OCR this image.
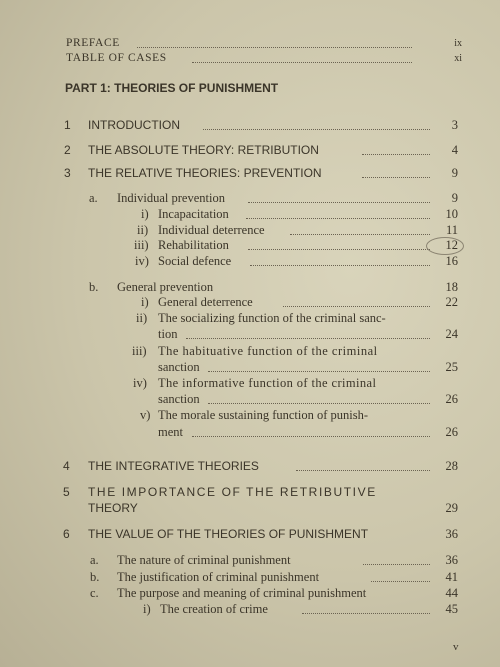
PREFACE	ix
TABLE OF CASES	xi
PART 1: THEORIES OF PUNISHMENT
1 INTRODUCTION	3
2 THE ABSOLUTE THEORY: RETRIBUTION	4
3 THE RELATIVE THEORIES: PREVENTION	9
a. Individual prevention	9
i) Incapacitation	10
ii) Individual deterrence	11
iii) Rehabilitation	12
iv) Social defence	16
b. General prevention	18
i) General deterrence	22
ii) The socializing function of the criminal sanc-
tion	24
iii) The habituative function of the criminal
sanction	25
iv) The informative function of the criminal
sanction	26
v) The morale sustaining function of punish-
ment	26
4 THE INTEGRATIVE THEORIES	28
5 THE IMPORTANCE OF THE RETRIBUTIVE
THEORY	29
6 THE VALUE OF THE THEORIES OF PUNISHMENT	36
a. The nature of criminal punishment	36
b. The justification of criminal punishment	41
c. The purpose and meaning of criminal punishment	44
i) The creation of crime	45
v
